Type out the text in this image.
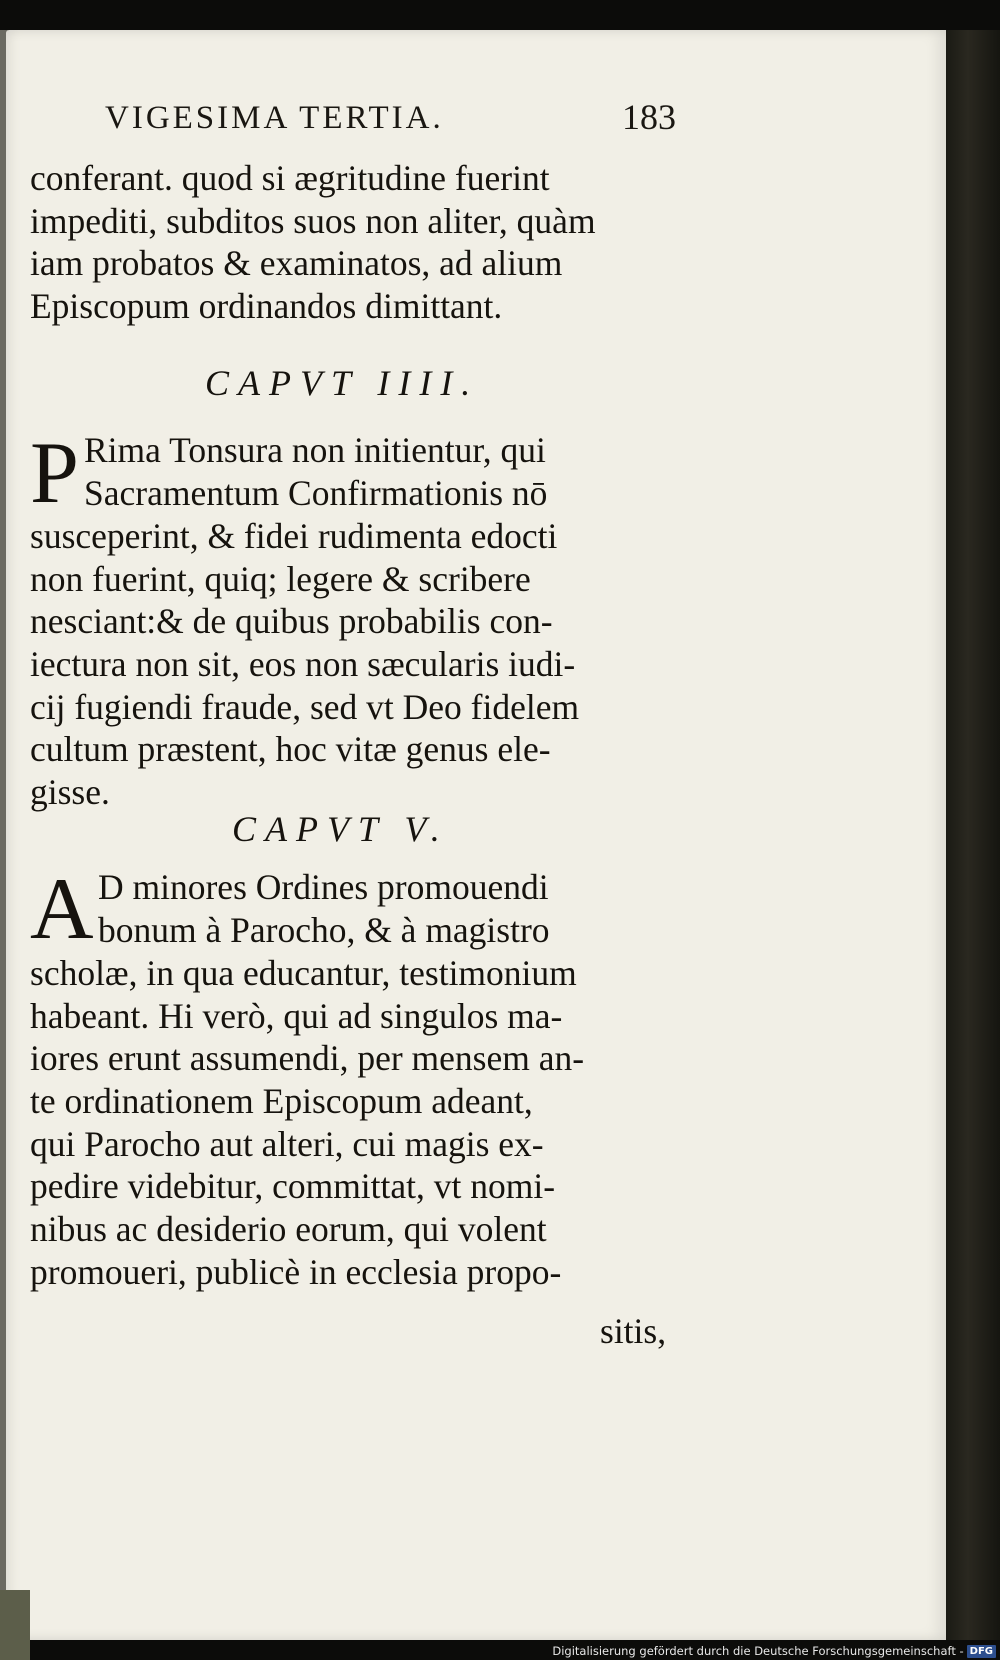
VIGESIMA TERTIA.	183
conferant. quod si ægritudine fuerint
impediti, subditos suos non aliter, quàm
iam probatos & examinatos, ad alium
Episcopum ordinandos dimittant.
CAPVT IIII.
P Rima Tonsura non initientur, qui
Sacramentum Confirmationis nō
susceperint, & fidei rudimenta edocti
non fuerint, quiq; legere & scribere
nesciant:& de quibus probabilis con-
iectura non sit, eos non sæcularis iudi-
cij fugiendi fraude, sed vt Deo fidelem
cultum præstent, hoc vitæ genus ele-
gisse.
CAPVT V.
A D minores Ordines promouendi
bonum à Parocho, & à magistro
scholæ, in qua educantur, testimonium
habeant. Hi verò, qui ad singulos ma-
iores erunt assumendi, per mensem an-
te ordinationem Episcopum adeant,
qui Parocho aut alteri, cui magis ex-
pedire videbitur, committat, vt nomi-
nibus ac desiderio eorum, qui volent
promoueri, publicè in ecclesia propo-
sitis,
Digitalisierung gefördert durch die Deutsche Forschungsgemeinschaft - DFG
